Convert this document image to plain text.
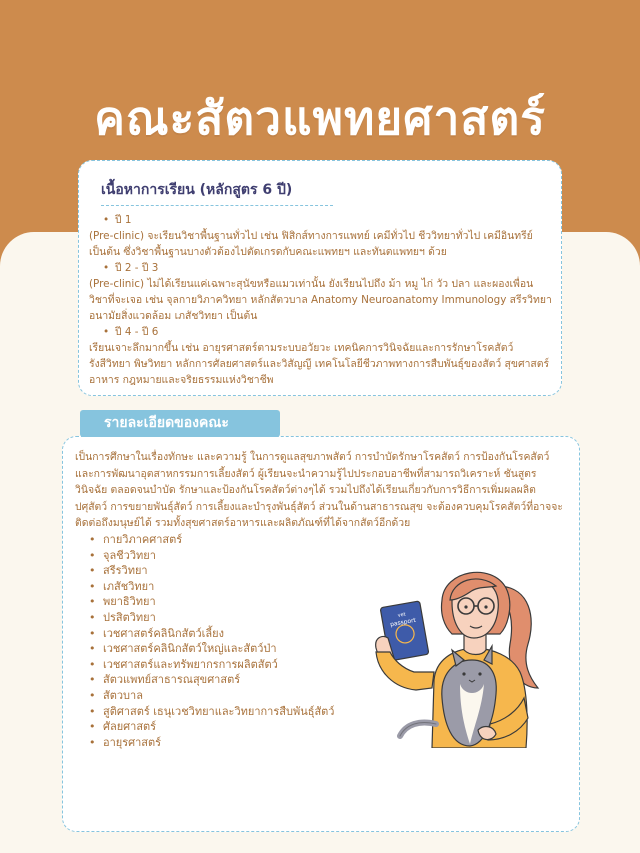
คณะสัตวแพทยศาสตร์
เนื้อหาการเรียน (หลักสูตร 6 ปี)
• ปี 1
(Pre-clinic) จะเรียนวิชาพื้นฐานทั่วไป เช่น ฟิสิกส์ทางการแพทย์ เคมีทั่วไป ชีววิทยาทั่วไป เคมีอินทรีย์ เป็นต้น ซึ่งวิชาพื้นฐานบางตัวต้องไปตัดเกรดกับคณะแพทยฯ และทันตแพทยฯ ด้วย
• ปี 2 - ปี 3
(Pre-clinic) ไม่ได้เรียนแค่เฉพาะสุนัขหรือแมวเท่านั้น ยังเรียนไปถึง ม้า หมู ไก่ วัว ปลา และผองเพื่อน วิชาที่จะเจอ เช่น จุลกายวิภาควิทยา หลักสัตวบาล Anatomy Neuroanatomy Immunology สรีรวิทยา อนามัยสิ่งแวดล้อม เภสัชวิทยา เป็นต้น
• ปี 4 - ปี 6
เรียนเจาะลึกมากขึ้น เช่น อายุรศาสตร์ตามระบบอวัยวะ เทคนิคการวินิจฉัยและการรักษาโรคสัตว์ รังสีวิทยา พิษวิทยา หลักการศัลยศาสตร์และวิสัญญี เทคโนโลยีชีวภาพทางการสืบพันธุ์ของสัตว์ สุขศาสตร์อาหาร กฎหมายและจริยธรรมแห่งวิชาชีพ
เป็นการศึกษาในเรื่องทักษะ และความรู้ ในการดูแลสุขภาพสัตว์ การบำบัดรักษาโรคสัตว์ การป้องกันโรคสัตว์ และการพัฒนาอุตสาหกรรมการเลี้ยงสัตว์ ผู้เรียนจะนำความรู้ไปประกอบอาชีพที่สามารถวิเคราะห์ ชันสูตร วินิจฉัย ตลอดจนบำบัด รักษาและป้องกันโรคสัตว์ต่างๆได้ รวมไปถึงได้เรียนเกี่ยวกับการวิธีการเพิ่มผลผลิตปศุสัตว์ การขยายพันธุ์สัตว์ การเลี้ยงและบำรุงพันธุ์สัตว์ ส่วนในด้านสาธารณสุข จะต้องควบคุมโรคสัตว์ที่อาจจะติดต่อถึงมนุษย์ได้ รวมทั้งสุขศาสตร์อาหารและผลิตภัณฑ์ที่ได้จากสัตว์อีกด้วย
• กายวิภาคศาสตร์
• จุลชีววิทยา
• สรีรวิทยา
• เภสัชวิทยา
• พยาธิวิทยา
• ปรสิตวิทยา
• เวชศาสตร์คลินิกสัตว์เลี้ยง
• เวชศาสตร์คลินิกสัตว์ใหญ่และสัตว์ป่า
• เวชศาสตร์และทรัพยากรการผลิตสัตว์
• สัตวแพทย์สาธารณสุขศาสตร์
• สัตวบาล
• สูติศาสตร์ เธนุเวชวิทยาและวิทยาการสืบพันธุ์สัตว์
• ศัลยศาสตร์
• อายุรศาสตร์
รายละเอียดของคณะ
vet
passport
